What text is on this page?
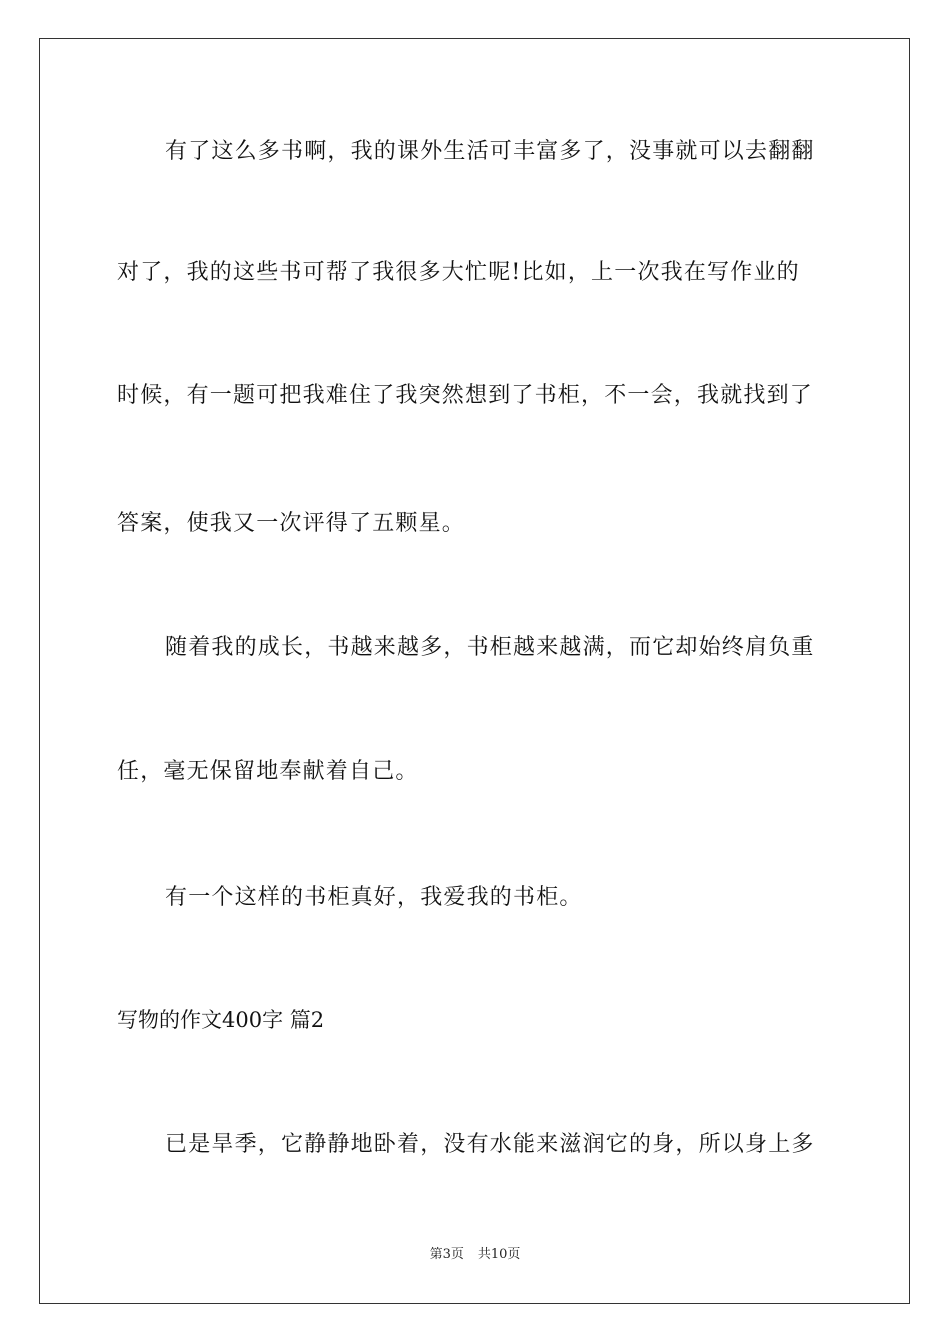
有了这么多书啊，我的课外生活可丰富多了，没事就可以去翻翻
对了，我的这些书可帮了我很多大忙呢!比如，上一次我在写作业的
时候，有一题可把我难住了我突然想到了书柜，不一会，我就找到了
答案，使我又一次评得了五颗星。
随着我的成长，书越来越多，书柜越来越满，而它却始终肩负重
任，毫无保留地奉献着自己。
有一个这样的书柜真好，我爱我的书柜。
写物的作文400字 篇2
已是旱季，它静静地卧着，没有水能来滋润它的身，所以身上多
第3页 共10页
